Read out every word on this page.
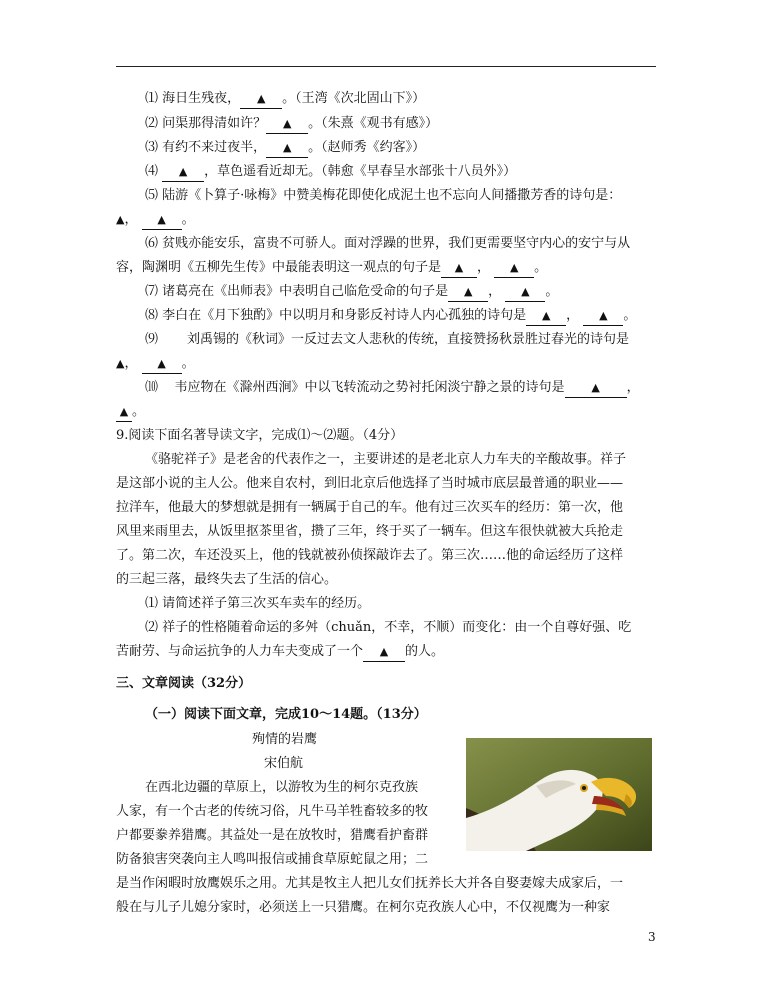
⑴ 海日生残夜， ▲ 。（王湾《次北固山下》）
⑵ 问渠那得清如许？ ▲ 。（朱熹《观书有感》）
⑶ 有约不来过夜半， ▲ 。（赵师秀《约客》）
⑷ ▲ ，草色遥看近却无。（韩愈《早春呈水部张十八员外》）
⑸ 陆游《卜算子·咏梅》中赞美梅花即使化成泥土也不忘向人间播撒芳香的诗句是：
▲， ▲ 。
⑹ 贫贱亦能安乐，富贵不可骄人。面对浮躁的世界，我们更需要坚守内心的安宁与从
容，陶渊明《五柳先生传》中最能表明这一观点的句子是 ▲ ， ▲ 。
⑺ 诸葛亮在《出师表》中表明自己临危受命的句子是 ▲ ， ▲ 。
⑻ 李白在《月下独酌》中以明月和身影反衬诗人内心孤独的诗句是 ▲ ， ▲ 。
⑼ 刘禹锡的《秋词》一反过去文人悲秋的传统，直接赞扬秋景胜过春光的诗句是
▲， ▲ 。
⑽ 韦应物在《滁州西涧》中以飞转流动之势衬托闲淡宁静之景的诗句是 ▲ ，
▲ 。
9.阅读下面名著导读文字，完成⑴～⑵题。（4分）
《骆驼祥子》是老舍的代表作之一，主要讲述的是老北京人力车夫的辛酸故事。祥子
是这部小说的主人公。他来自农村，到旧北京后他选择了当时城市底层最普通的职业——
拉洋车，他最大的梦想就是拥有一辆属于自己的车。他有过三次买车的经历：第一次，他
风里来雨里去，从饭里抠茶里省，攒了三年，终于买了一辆车。但这车很快就被大兵抢走
了。第二次，车还没买上，他的钱就被孙侦探敲诈去了。第三次……他的命运经历了这样
的三起三落，最终失去了生活的信心。
⑴ 请简述祥子第三次买车卖车的经历。
⑵ 祥子的性格随着命运的多舛（chuǎn，不幸，不顺）而变化：由一个自尊好强、吃
苦耐劳、与命运抗争的人力车夫变成了一个 ▲ 的人。
三、文章阅读（32分）
（一）阅读下面文章，完成10～14题。（13分）
殉情的岩鹰
宋伯航
在西北边疆的草原上，以游牧为生的柯尔克孜族
人家，有一个古老的传统习俗，凡牛马羊牲畜较多的牧
户都要豢养猎鹰。其益处一是在放牧时，猎鹰看护畜群
防备狼害突袭向主人鸣叫报信或捕食草原蛇鼠之用；二
是当作闲暇时放鹰娱乐之用。尤其是牧主人把儿女们抚养长大并各自娶妻嫁夫成家后，一
般在与儿子儿媳分家时，必须送上一只猎鹰。在柯尔克孜族人心中，不仅视鹰为一种家
3
